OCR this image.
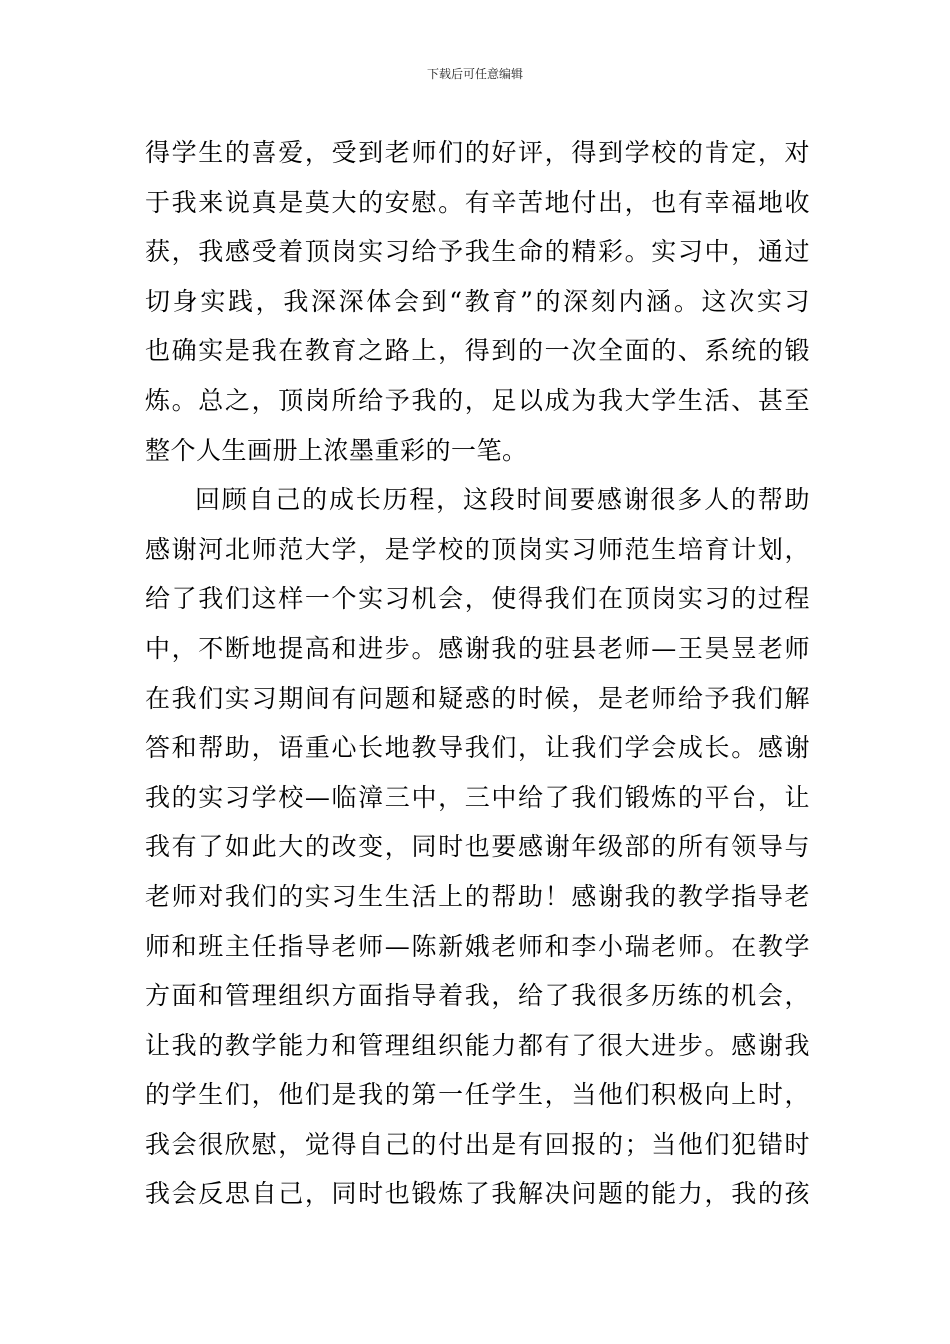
下载后可任意编辑
得学生的喜爱，受到老师们的好评，得到学校的肯定，对
于我来说真是莫大的安慰。有辛苦地付出，也有幸福地收
获，我感受着顶岗实习给予我生命的精彩。实习中，通过
切身实践，我深深体会到“教育”的深刻内涵。这次实习
也确实是我在教育之路上，得到的一次全面的、系统的锻
炼。总之，顶岗所给予我的，足以成为我大学生活、甚至
整个人生画册上浓墨重彩的一笔。
回顾自己的成长历程，这段时间要感谢很多人的帮助
感谢河北师范大学，是学校的顶岗实习师范生培育计划，
给了我们这样一个实习机会，使得我们在顶岗实习的过程
中，不断地提高和进步。感谢我的驻县老师—王昊昱老师
在我们实习期间有问题和疑惑的时候，是老师给予我们解
答和帮助，语重心长地教导我们，让我们学会成长。感谢
我的实习学校—临漳三中，三中给了我们锻炼的平台，让
我有了如此大的改变，同时也要感谢年级部的所有领导与
老师对我们的实习生生活上的帮助！感谢我的教学指导老
师和班主任指导老师—陈新娥老师和李小瑞老师。在教学
方面和管理组织方面指导着我，给了我很多历练的机会，
让我的教学能力和管理组织能力都有了很大进步。感谢我
的学生们，他们是我的第一任学生，当他们积极向上时，
我会很欣慰，觉得自己的付出是有回报的；当他们犯错时
我会反思自己，同时也锻炼了我解决问题的能力，我的孩
